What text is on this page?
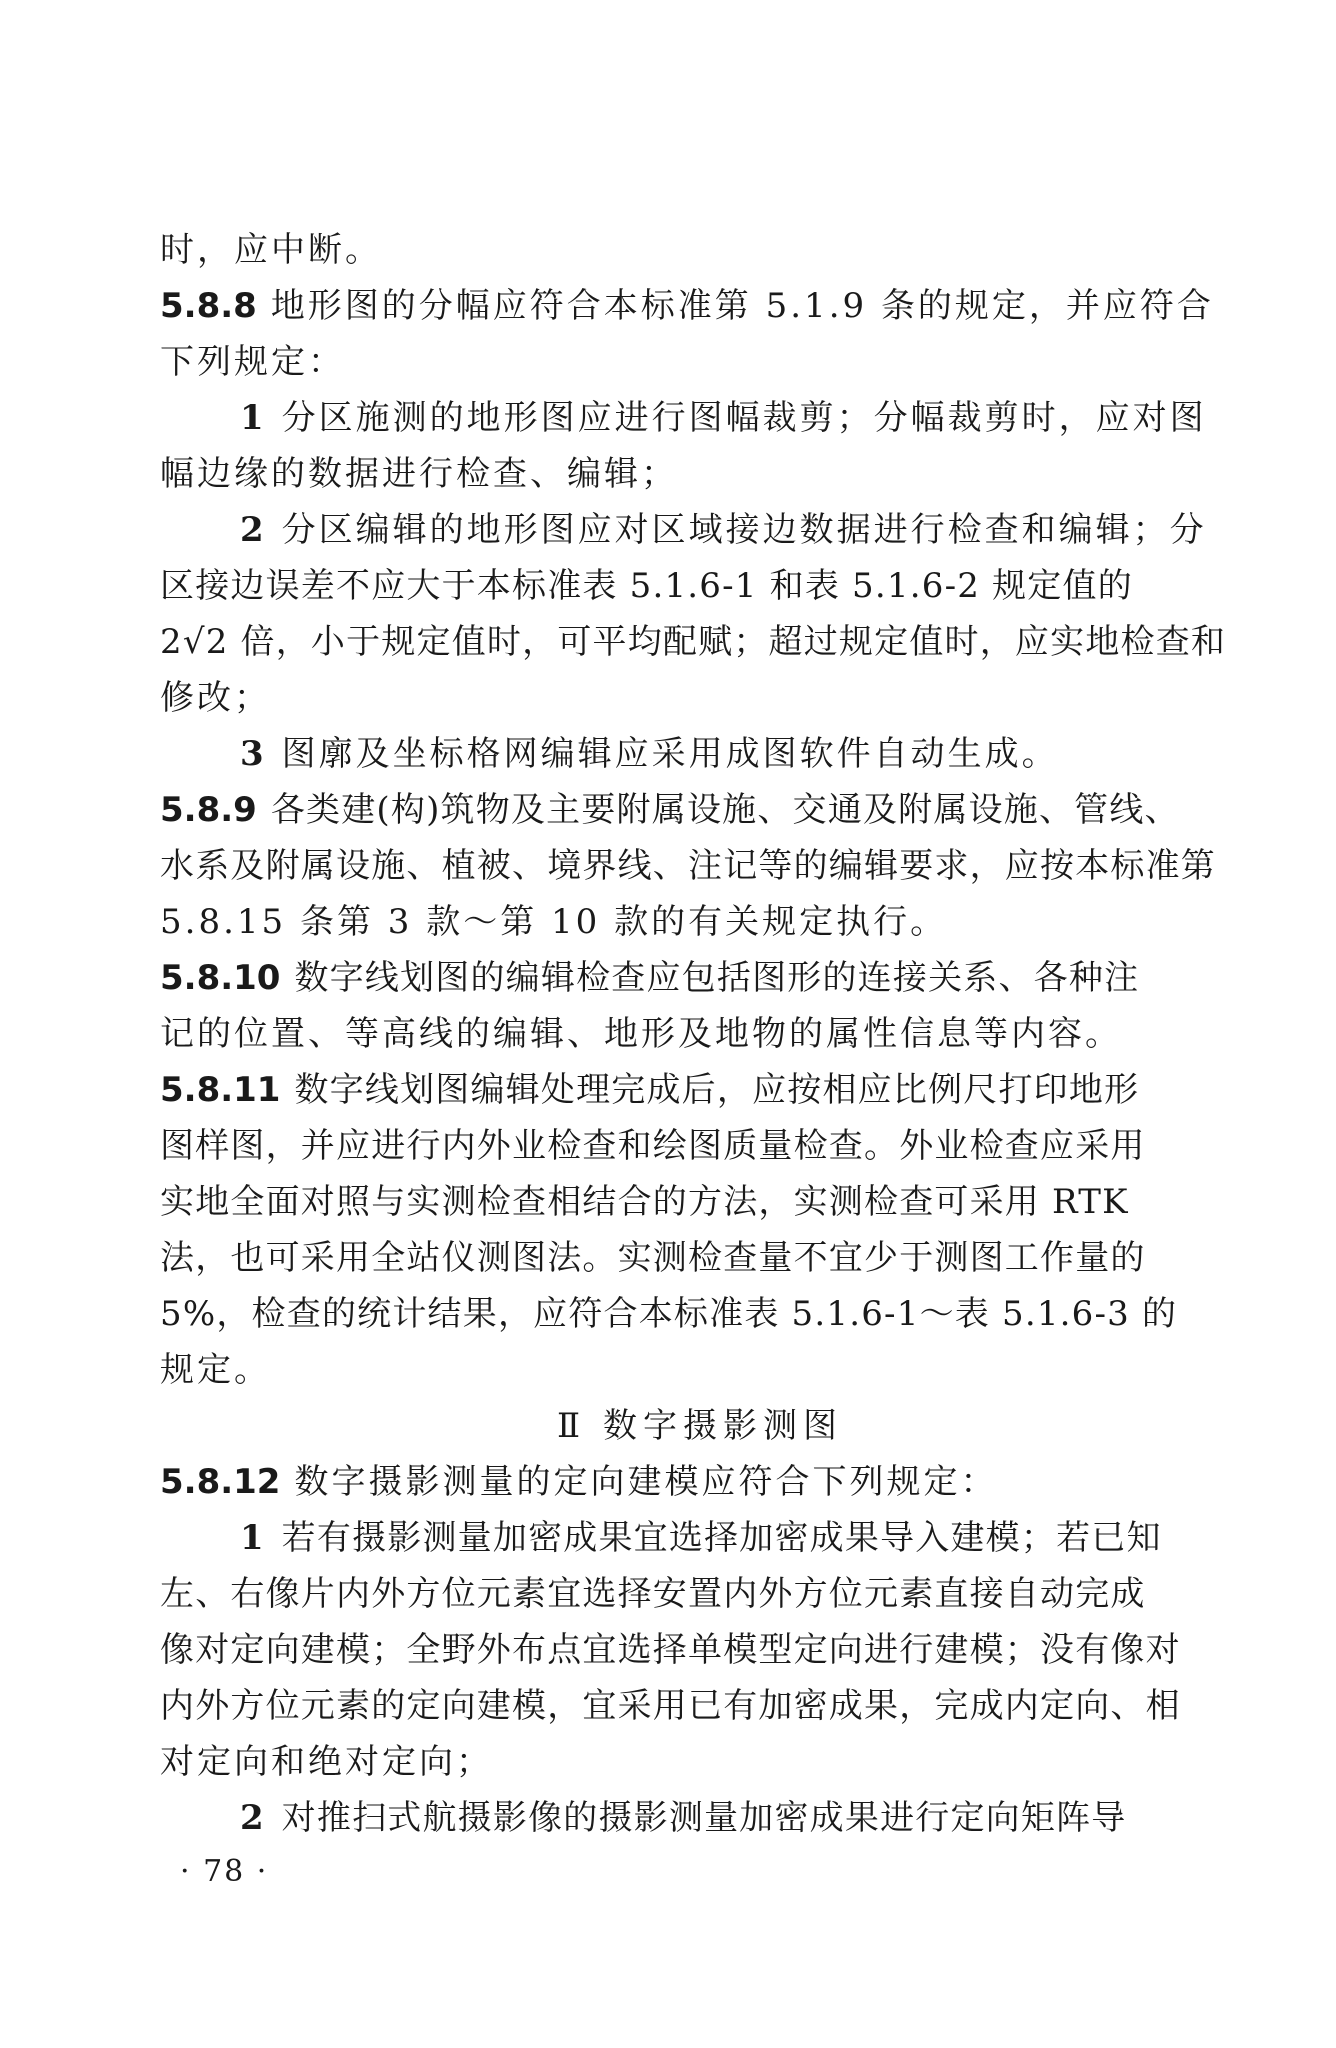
时，应中断。
5.8.8 地形图的分幅应符合本标准第 5.1.9 条的规定，并应符合
下列规定：
1 分区施测的地形图应进行图幅裁剪；分幅裁剪时，应对图
幅边缘的数据进行检查、编辑；
2 分区编辑的地形图应对区域接边数据进行检查和编辑；分
区接边误差不应大于本标准表 5.1.6-1 和表 5.1.6-2 规定值的
2√2 倍，小于规定值时，可平均配赋；超过规定值时，应实地检查和
修改；
3 图廓及坐标格网编辑应采用成图软件自动生成。
5.8.9 各类建(构)筑物及主要附属设施、交通及附属设施、管线、
水系及附属设施、植被、境界线、注记等的编辑要求，应按本标准第
5.8.15 条第 3 款～第 10 款的有关规定执行。
5.8.10 数字线划图的编辑检查应包括图形的连接关系、各种注
记的位置、等高线的编辑、地形及地物的属性信息等内容。
5.8.11 数字线划图编辑处理完成后，应按相应比例尺打印地形
图样图，并应进行内外业检查和绘图质量检查。外业检查应采用
实地全面对照与实测检查相结合的方法，实测检查可采用 RTK
法，也可采用全站仪测图法。实测检查量不宜少于测图工作量的
5%，检查的统计结果，应符合本标准表 5.1.6-1～表 5.1.6-3 的
规定。
Ⅱ 数字摄影测图
5.8.12 数字摄影测量的定向建模应符合下列规定：
1 若有摄影测量加密成果宜选择加密成果导入建模；若已知
左、右像片内外方位元素宜选择安置内外方位元素直接自动完成
像对定向建模；全野外布点宜选择单模型定向进行建模；没有像对
内外方位元素的定向建模，宜采用已有加密成果，完成内定向、相
对定向和绝对定向；
2 对推扫式航摄影像的摄影测量加密成果进行定向矩阵导
· 78 ·
